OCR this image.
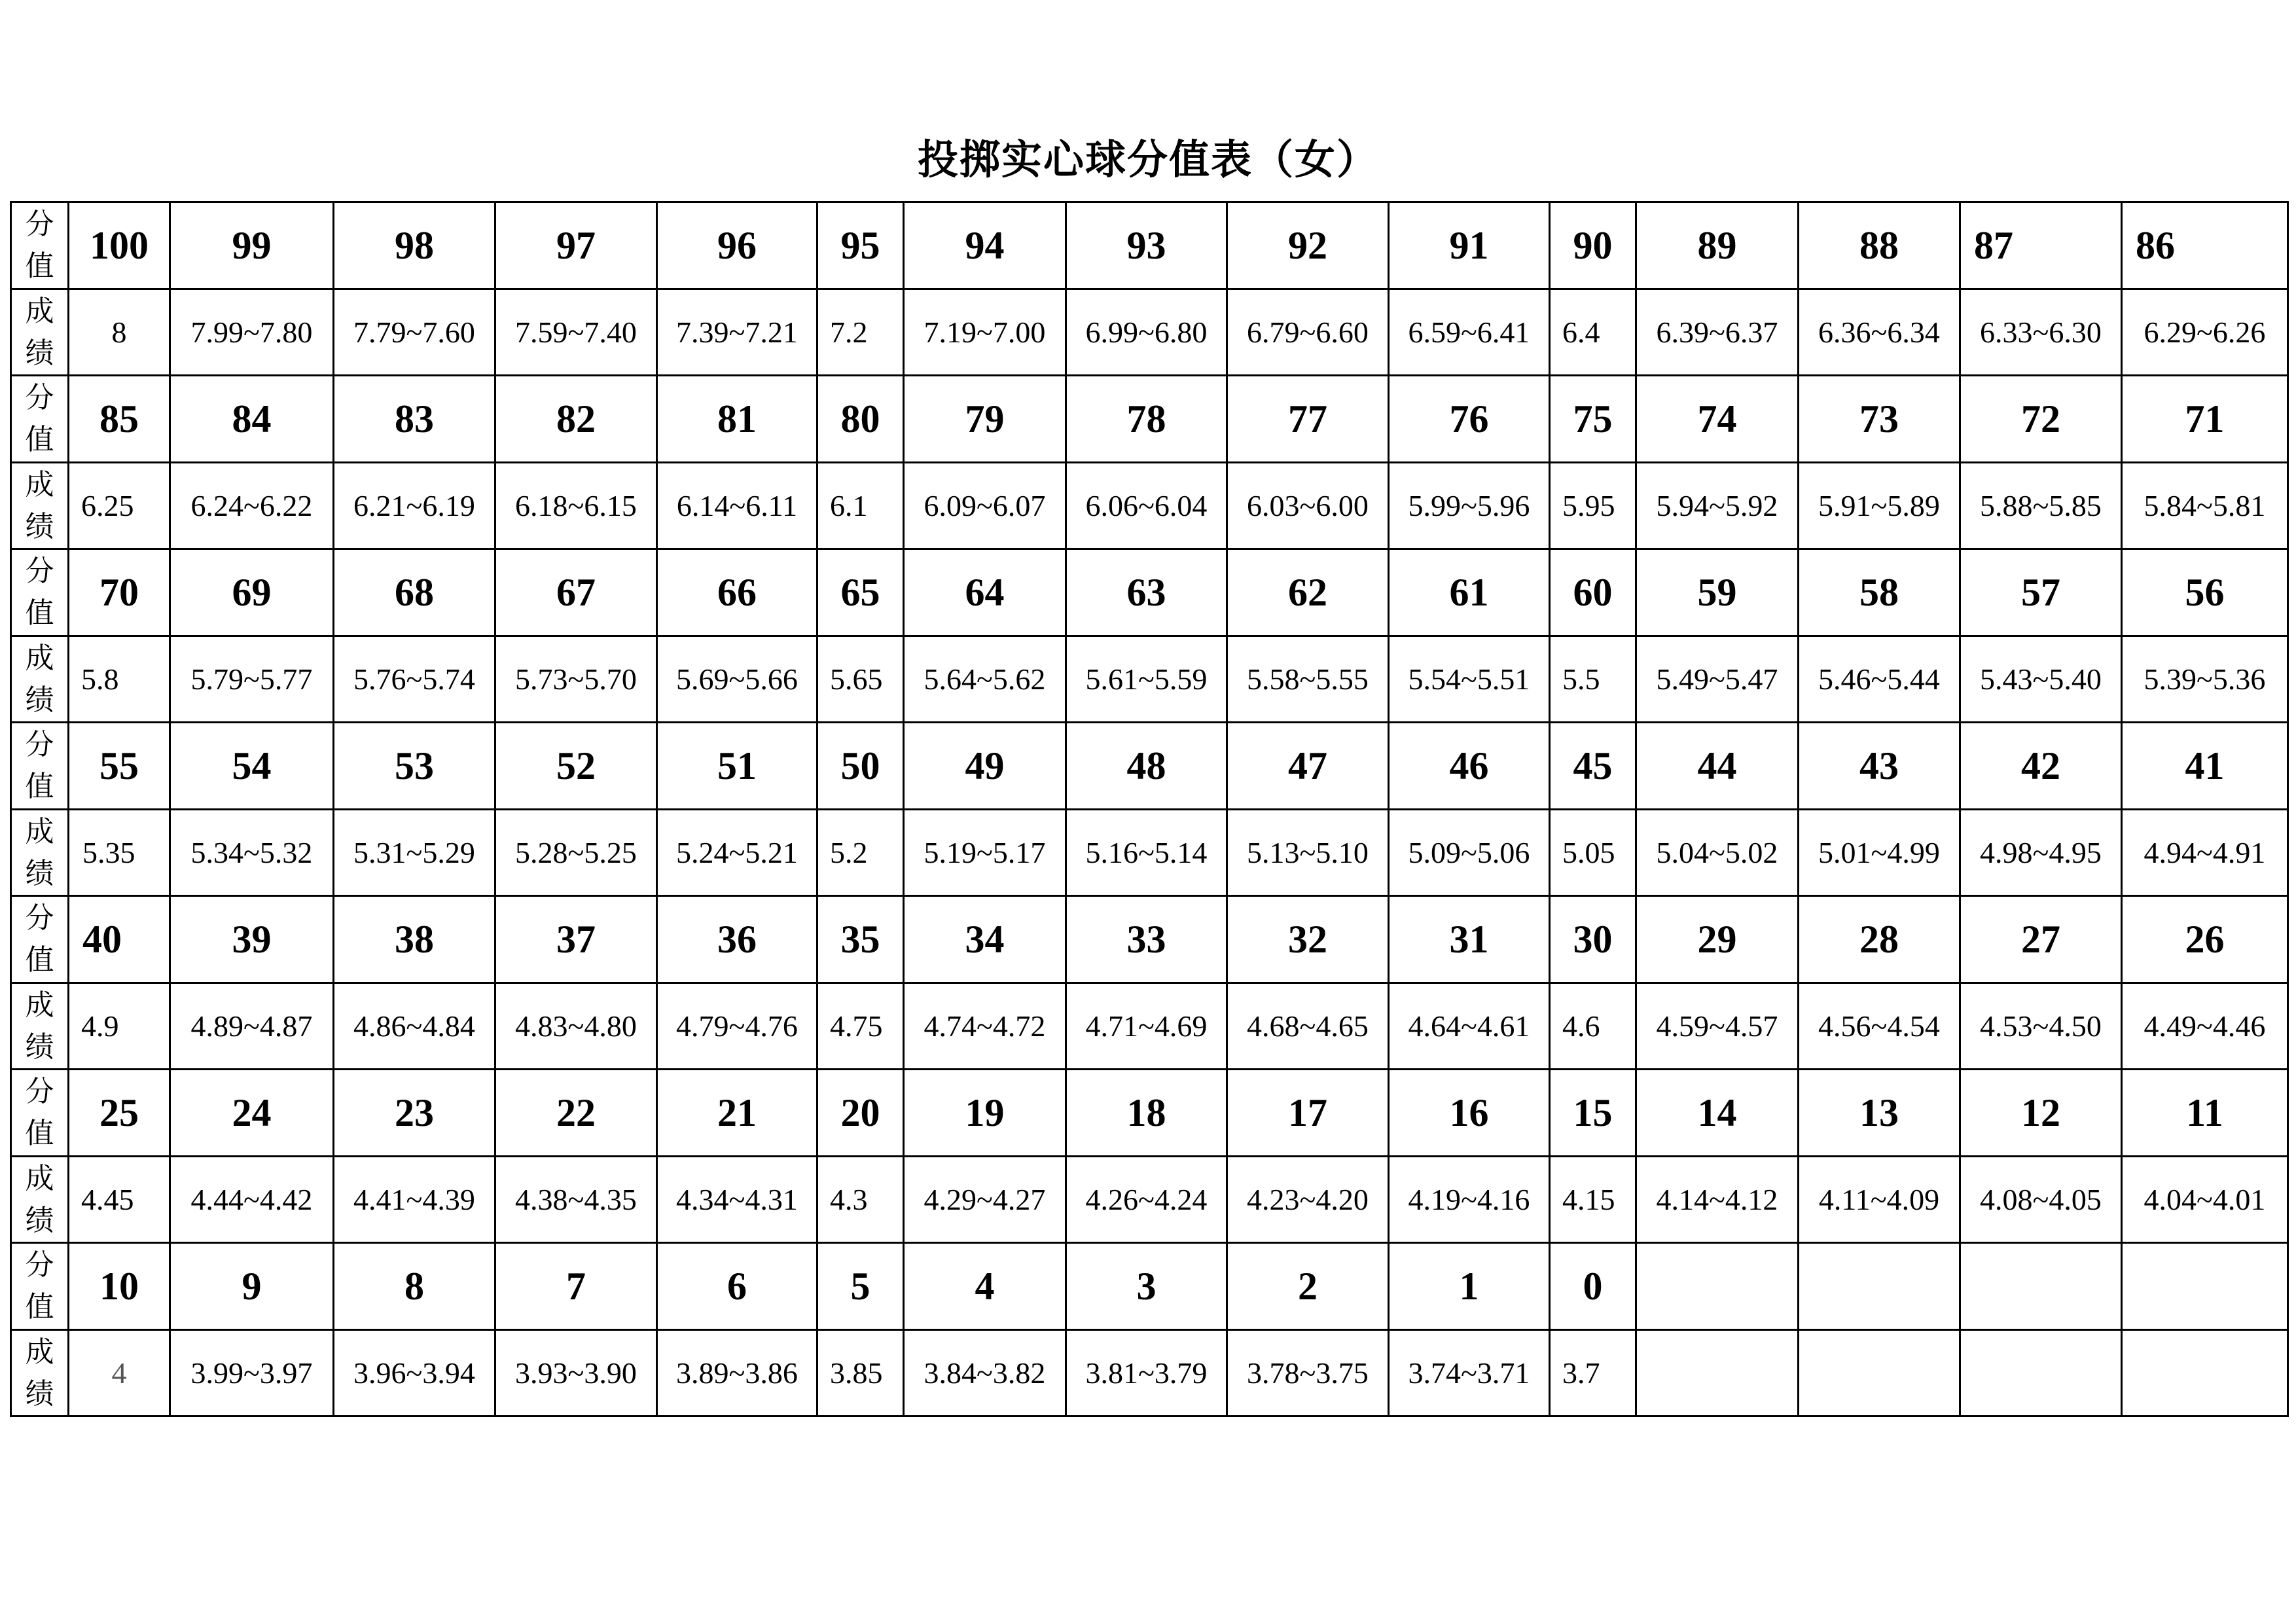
投掷实心球分值表（女）
分
值	100	99	98	97	96	95	94	93	92	91	90	89	88	87	86

成
绩	8	7.99~7.80	7.79~7.60	7.59~7.40	7.39~7.21	7.2	7.19~7.00	6.99~6.80	6.79~6.60	6.59~6.41	6.4	6.39~6.37	6.36~6.34	6.33~6.30	6.29~6.26

分
值	85	84	83	82	81	80	79	78	77	76	75	74	73	72	71

成
绩	6.25	6.24~6.22	6.21~6.19	6.18~6.15	6.14~6.11	6.1	6.09~6.07	6.06~6.04	6.03~6.00	5.99~5.96	5.95	5.94~5.92	5.91~5.89	5.88~5.85	5.84~5.81

分
值	70	69	68	67	66	65	64	63	62	61	60	59	58	57	56

成
绩	5.8	5.79~5.77	5.76~5.74	5.73~5.70	5.69~5.66	5.65	5.64~5.62	5.61~5.59	5.58~5.55	5.54~5.51	5.5	5.49~5.47	5.46~5.44	5.43~5.40	5.39~5.36

分
值	55	54	53	52	51	50	49	48	47	46	45	44	43	42	41

成
绩	5.35	5.34~5.32	5.31~5.29	5.28~5.25	5.24~5.21	5.2	5.19~5.17	5.16~5.14	5.13~5.10	5.09~5.06	5.05	5.04~5.02	5.01~4.99	4.98~4.95	4.94~4.91

分
值	40	39	38	37	36	35	34	33	32	31	30	29	28	27	26

成
绩	4.9	4.89~4.87	4.86~4.84	4.83~4.80	4.79~4.76	4.75	4.74~4.72	4.71~4.69	4.68~4.65	4.64~4.61	4.6	4.59~4.57	4.56~4.54	4.53~4.50	4.49~4.46

分
值	25	24	23	22	21	20	19	18	17	16	15	14	13	12	11

成
绩	4.45	4.44~4.42	4.41~4.39	4.38~4.35	4.34~4.31	4.3	4.29~4.27	4.26~4.24	4.23~4.20	4.19~4.16	4.15	4.14~4.12	4.11~4.09	4.08~4.05	4.04~4.01

分
值	10	9	8	7	6	5	4	3	2	1	0				

成
绩	4	3.99~3.97	3.96~3.94	3.93~3.90	3.89~3.86	3.85	3.84~3.82	3.81~3.79	3.78~3.75	3.74~3.71	3.7				
